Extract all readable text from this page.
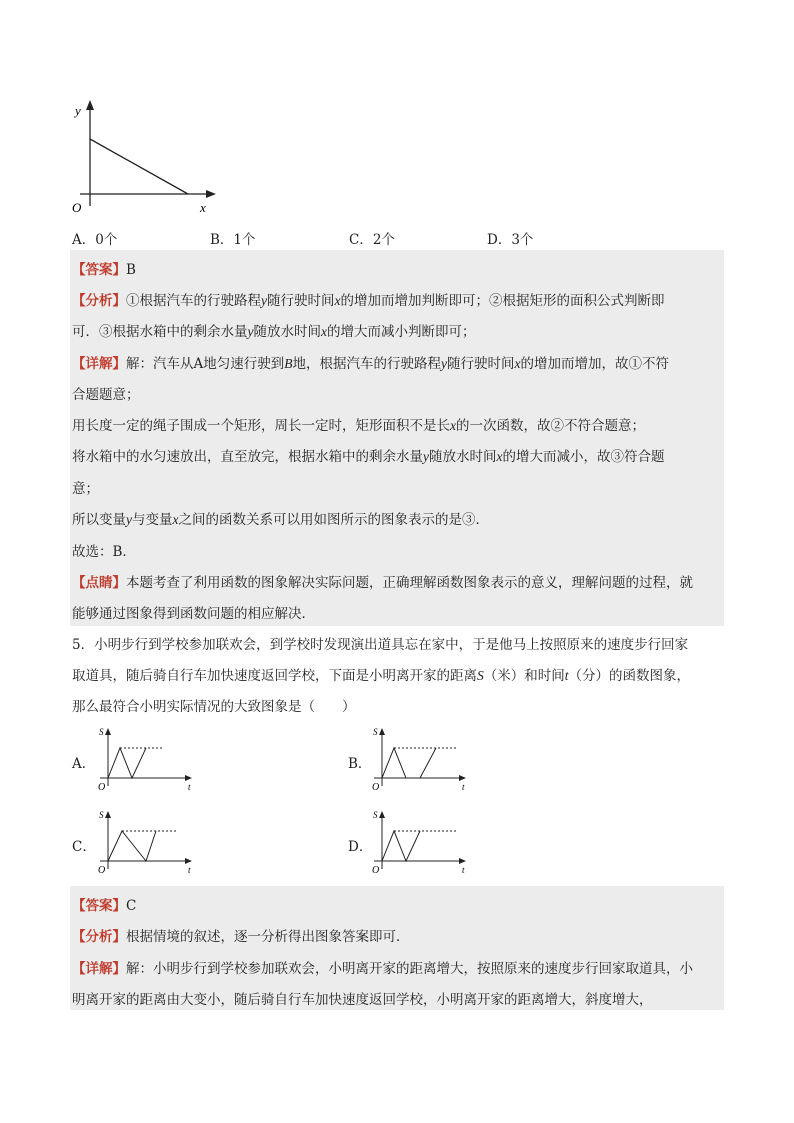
y
x
O
A．0个	B．1个	C．2个	D．3个
【答案】B
【分析】①根据汽车的行驶路程y随行驶时间x的增加而增加判断即可；②根据矩形的面积公式判断即
可．③根据水箱中的剩余水量y随放水时间x的增大而减小判断即可；
【详解】解：汽车从A地匀速行驶到B地，根据汽车的行驶路程y随行驶时间x的增加而增加，故①不符
合题题意；
用长度一定的绳子围成一个矩形，周长一定时，矩形面积不是长x的一次函数，故②不符合题意；
将水箱中的水匀速放出，直至放完，根据水箱中的剩余水量y随放水时间x的增大而减小，故③符合题
意；
所以变量y与变量x之间的函数关系可以用如图所示的图象表示的是③．
故选：B．
【点睛】本题考查了利用函数的图象解决实际问题，正确理解函数图象表示的意义，理解问题的过程，就
能够通过图象得到函数问题的相应解决．
5．小明步行到学校参加联欢会，到学校时发现演出道具忘在家中，于是他马上按照原来的速度步行回家
取道具，随后骑自行车加快速度返回学校，下面是小明离开家的距离S（米）和时间t（分）的函数图象，
那么最符合小明实际情况的大致图象是（　　）
A．	B．
C．	D．
S
t
O
S
t
O
S
t
O
S
t
O
【答案】C
【分析】根据情境的叙述，逐一分析得出图象答案即可．
【详解】解：小明步行到学校参加联欢会，小明离开家的距离增大，按照原来的速度步行回家取道具，小
明离开家的距离由大变小，随后骑自行车加快速度返回学校，小明离开家的距离增大，斜度增大，
